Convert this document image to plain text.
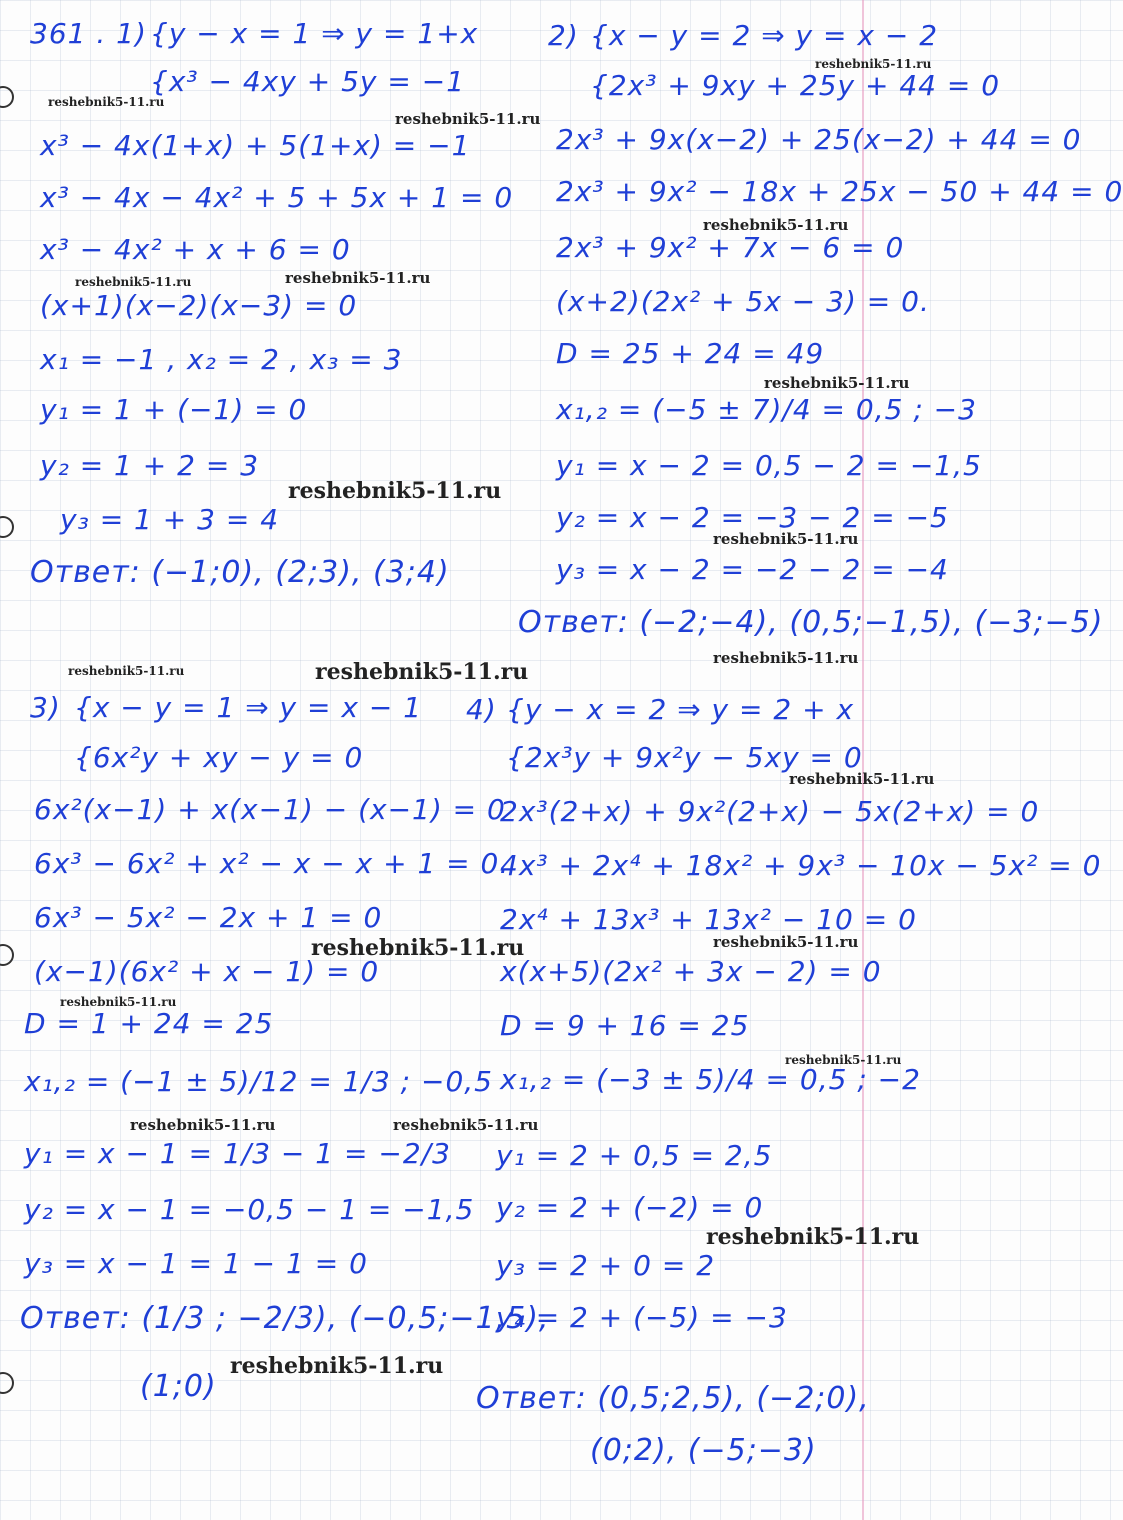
361 . 1) {y − x = 1 ⇒ y = 1+x
{x³ − 4xy + 5y = −1
x³ − 4x(1+x) + 5(1+x) = −1
x³ − 4x − 4x² + 5 + 5x + 1 = 0
x³ − 4x² + x + 6 = 0
(x+1)(x−2)(x−3) = 0
x₁ = −1 , x₂ = 2 , x₃ = 3
y₁ = 1 + (−1) = 0
y₂ = 1 + 2 = 3
y₃ = 1 + 3 = 4
Ответ: (−1;0), (2;3), (3;4)
2) {x − y = 2 ⇒ y = x − 2
{2x³ + 9xy + 25y + 44 = 0
2x³ + 9x(x−2) + 25(x−2) + 44 = 0
2x³ + 9x² − 18x + 25x − 50 + 44 = 0
2x³ + 9x² + 7x − 6 = 0
(x+2)(2x² + 5x − 3) = 0.
D = 25 + 24 = 49
x₁,₂ = (−5 ± 7)/4 = 0,5 ; −3
y₁ = x − 2 = 0,5 − 2 = −1,5
y₂ = x − 2 = −3 − 2 = −5
y₃ = x − 2 = −2 − 2 = −4
Ответ: (−2;−4), (0,5;−1,5), (−3;−5)
3) {x − y = 1 ⇒ y = x − 1
{6x²y + xy − y = 0
6x²(x−1) + x(x−1) − (x−1) = 0
6x³ − 6x² + x² − x − x + 1 = 0.
6x³ − 5x² − 2x + 1 = 0
(x−1)(6x² + x − 1) = 0
D = 1 + 24 = 25
x₁,₂ = (−1 ± 5)/12 = 1/3 ; −0,5
y₁ = x − 1 = 1/3 − 1 = −2/3
y₂ = x − 1 = −0,5 − 1 = −1,5
y₃ = x − 1 = 1 − 1 = 0
Ответ: (1/3 ; −2/3), (−0,5;−1,5),
(1;0)
4) {y − x = 2 ⇒ y = 2 + x
{2x³y + 9x²y − 5xy = 0
2x³(2+x) + 9x²(2+x) − 5x(2+x) = 0
4x³ + 2x⁴ + 18x² + 9x³ − 10x − 5x² = 0
2x⁴ + 13x³ + 13x² − 10 = 0
x(x+5)(2x² + 3x − 2) = 0
D = 9 + 16 = 25
x₁,₂ = (−3 ± 5)/4 = 0,5 ; −2
y₁ = 2 + 0,5 = 2,5
y₂ = 2 + (−2) = 0
y₃ = 2 + 0 = 2
y₄ = 2 + (−5) = −3
Ответ: (0,5;2,5), (−2;0),
(0;2), (−5;−3)
reshebnik5-11.ru
reshebnik5-11.ru
reshebnik5-11.ru
reshebnik5-11.ru
reshebnik5-11.ru	reshebnik5-11.ru
reshebnik5-11.ru
reshebnik5-11.ru
reshebnik5-11.ru
reshebnik5-11.ru
reshebnik5-11.ru	reshebnik5-11.ru
reshebnik5-11.ru
reshebnik5-11.ru	reshebnik5-11.ru
reshebnik5-11.ru
reshebnik5-11.ru
reshebnik5-11.ru	reshebnik5-11.ru
reshebnik5-11.ru
reshebnik5-11.ru
